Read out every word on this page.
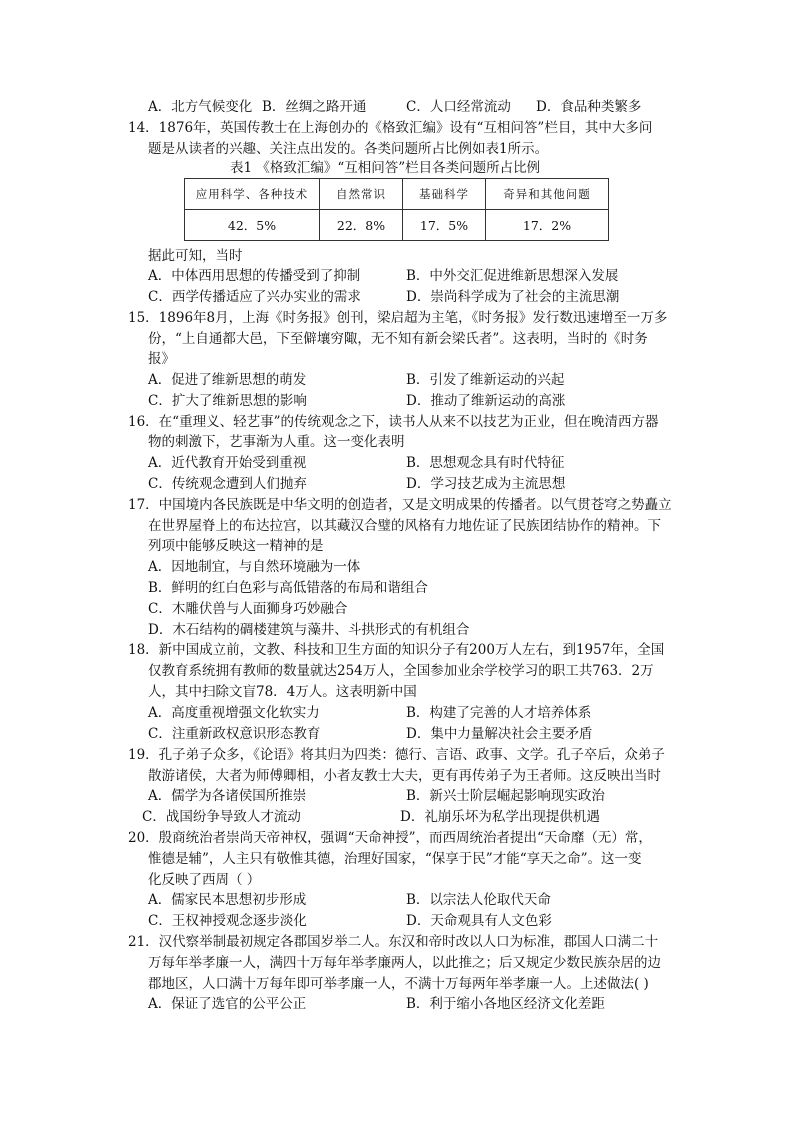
A．北方气候变化 B．丝绸之路开通	C．人口经常流动 D．食品种类繁多
14．1876年，英国传教士在上海创办的《格致汇编》设有“互相问答”栏目，其中大多问
题是从读者的兴趣、关注点出发的。各类问题所占比例如表1所示。
表1 《格致汇编》“互相问答”栏目各类问题所占比例
应用科学、各种技术	自然常识	基础科学	奇异和其他问题
42．5%	22．8%	17．5%	17．2%
据此可知，当时
A．中体西用思想的传播受到了抑制	B．中外交汇促进维新思想深入发展
C．西学传播适应了兴办实业的需求	D．崇尚科学成为了社会的主流思潮
15．1896年8月，上海《时务报》创刊，梁启超为主笔，《时务报》发行数迅速增至一万多
份，“上自通都大邑，下至僻壤穷陬，无不知有新会梁氏者”。这表明，当时的《时务
报》
A．促进了维新思想的萌发	B．引发了维新运动的兴起
C．扩大了维新思想的影响	D．推动了维新运动的高涨
16．在“重理义、轻艺事”的传统观念之下，读书人从来不以技艺为正业，但在晚清西方器
物的刺激下，艺事渐为人重。这一变化表明
A．近代教育开始受到重视	B．思想观念具有时代特征
C．传统观念遭到人们抛弃	D．学习技艺成为主流思想
17．中国境内各民族既是中华文明的创造者，又是文明成果的传播者。以气贯苍穹之势矗立
在世界屋脊上的布达拉宫，以其藏汉合璧的风格有力地佐证了民族团结协作的精神。下
列项中能够反映这一精神的是
A．因地制宜，与自然环境融为一体
B．鲜明的红白色彩与高低错落的布局和谐组合
C．木雕伏兽与人面狮身巧妙融合
D．木石结构的碉楼建筑与藻井、斗拱形式的有机组合
18．新中国成立前，文教、科技和卫生方面的知识分子有200万人左右，到1957年，全国
仅教育系统拥有教师的数量就达254万人，全国参加业余学校学习的职工共763．2万
人，其中扫除文盲78．4万人。这表明新中国
A．高度重视增强文化软实力	B．构建了完善的人才培养体系
C．注重新政权意识形态教育	D．集中力量解决社会主要矛盾
19．孔子弟子众多，《论语》将其归为四类：德行、言语、政事、文学。孔子卒后，众弟子
散游诸侯，大者为师傅卿相，小者友教士大夫，更有再传弟子为王者师。这反映出当时
A．儒学为各诸侯国所推崇	B．新兴士阶层崛起影响现实政治
C．战国纷争导致人才流动	D．礼崩乐坏为私学出现提供机遇
20．殷商统治者崇尚天帝神权，强调“天命神授”，而西周统治者提出“天命靡（无）常，
惟德是辅”，人主只有敬惟其德，治理好国家，“保享于民”才能“享天之命”。这一变
化反映了西周（ ）
A．儒家民本思想初步形成	B．以宗法人伦取代天命
C．王权神授观念逐步淡化	D．天命观具有人文色彩
21．汉代察举制最初规定各郡国岁举二人。东汉和帝时改以人口为标准，郡国人口满二十
万每年举孝廉一人，满四十万每年举孝廉两人，以此推之；后又规定少数民族杂居的边
郡地区，人口满十万每年即可举孝廉一人，不满十万每两年举孝廉一人。上述做法( )
A．保证了选官的公平公正	B．利于缩小各地区经济文化差距
